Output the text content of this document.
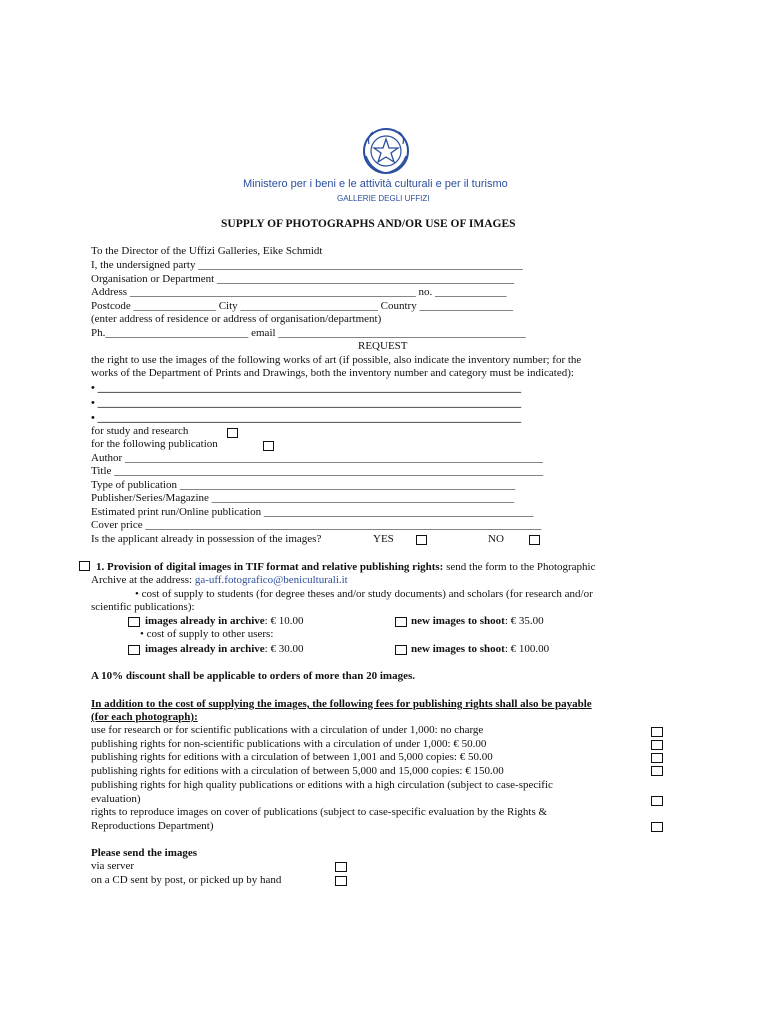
Ministero per i beni e le attività culturali e per il turismo
GALLERIE DEGLI UFFIZI
SUPPLY OF PHOTOGRAPHS AND/OR USE OF IMAGES
To the Director of the Uffizi Galleries, Eike Schmidt
I, the undersigned party ___________________________________________________________
Organisation or Department ______________________________________________________
Address ____________________________________________________ no. _____________
Postcode _______________ City _________________________ Country _________________
(enter address of residence or address of organisation/department)
Ph.__________________________ email _____________________________________________
REQUEST
the right to use the images of the following works of art (if possible, also indicate the inventory number; for the
works of the Department of Prints and Drawings, both the inventory number and category must be indicated):
• _____________________________________________________________________________
• _____________________________________________________________________________
• _____________________________________________________________________________
for study and research
for the following publication
Author ____________________________________________________________________________
Title ______________________________________________________________________________
Type of publication _____________________________________________________________
Publisher/Series/Magazine _______________________________________________________
Estimated print run/Online publication _________________________________________________
Cover price ________________________________________________________________________
Is the applicant already in possession of the images?	YES	NO
1. Provision of digital images in TIF format and relative publishing rights: send the form to the Photographic
Archive at the address: ga-uff.fotografico@beniculturali.it
• cost of supply to students (for degree theses and/or study documents) and scholars (for research and/or
scientific publications):
images already in archive: € 10.00	new images to shoot: € 35.00
• cost of supply to other users:
images already in archive: € 30.00	new images to shoot: € 100.00
A 10% discount shall be applicable to orders of more than 20 images.
In addition to the cost of supplying the images, the following fees for publishing rights shall also be payable
(for each photograph):
use for research or for scientific publications with a circulation of under 1,000: no charge
publishing rights for non-scientific publications with a circulation of under 1,000: € 50.00
publishing rights for editions with a circulation of between 1,001 and 5,000 copies: € 50.00
publishing rights for editions with a circulation of between 5,000 and 15,000 copies: € 150.00
publishing rights for high quality publications or editions with a high circulation (subject to case-specific
evaluation)
rights to reproduce images on cover of publications (subject to case-specific evaluation by the Rights &
Reproductions Department)
Please send the images
via server
on a CD sent by post, or picked up by hand
